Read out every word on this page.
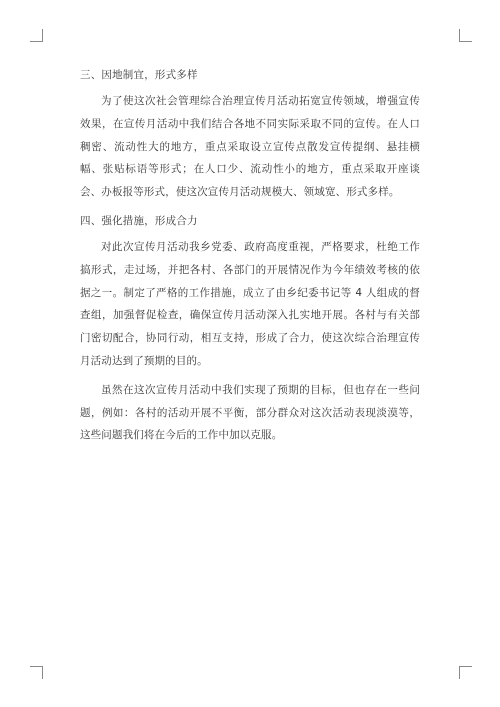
三、因地制宜，形式多样

为了使这次社会管理综合治理宣传月活动拓宽宣传领域，增强宣传效果，在宣传月活动中我们结合各地不同实际采取不同的宣传。在人口稠密、流动性大的地方，重点采取设立宣传点散发宣传提纲、悬挂横幅、张贴标语等形式；在人口少、流动性小的地方，重点采取开座谈会、办板报等形式，使这次宣传月活动规模大、领域宽、形式多样。

四、强化措施，形成合力

对此次宣传月活动我乡党委、政府高度重视，严格要求，杜绝工作搞形式，走过场，并把各村、各部门的开展情况作为今年绩效考核的依据之一。制定了严格的工作措施，成立了由乡纪委书记等 4 人组成的督查组，加强督促检查，确保宣传月活动深入扎实地开展。各村与有关部门密切配合，协同行动，相互支持，形成了合力，使这次综合治理宣传月活动达到了预期的目的。

虽然在这次宣传月活动中我们实现了预期的目标，但也存在一些问题，例如：各村的活动开展不平衡，部分群众对这次活动表现淡漠等，这些问题我们将在今后的工作中加以克服。
